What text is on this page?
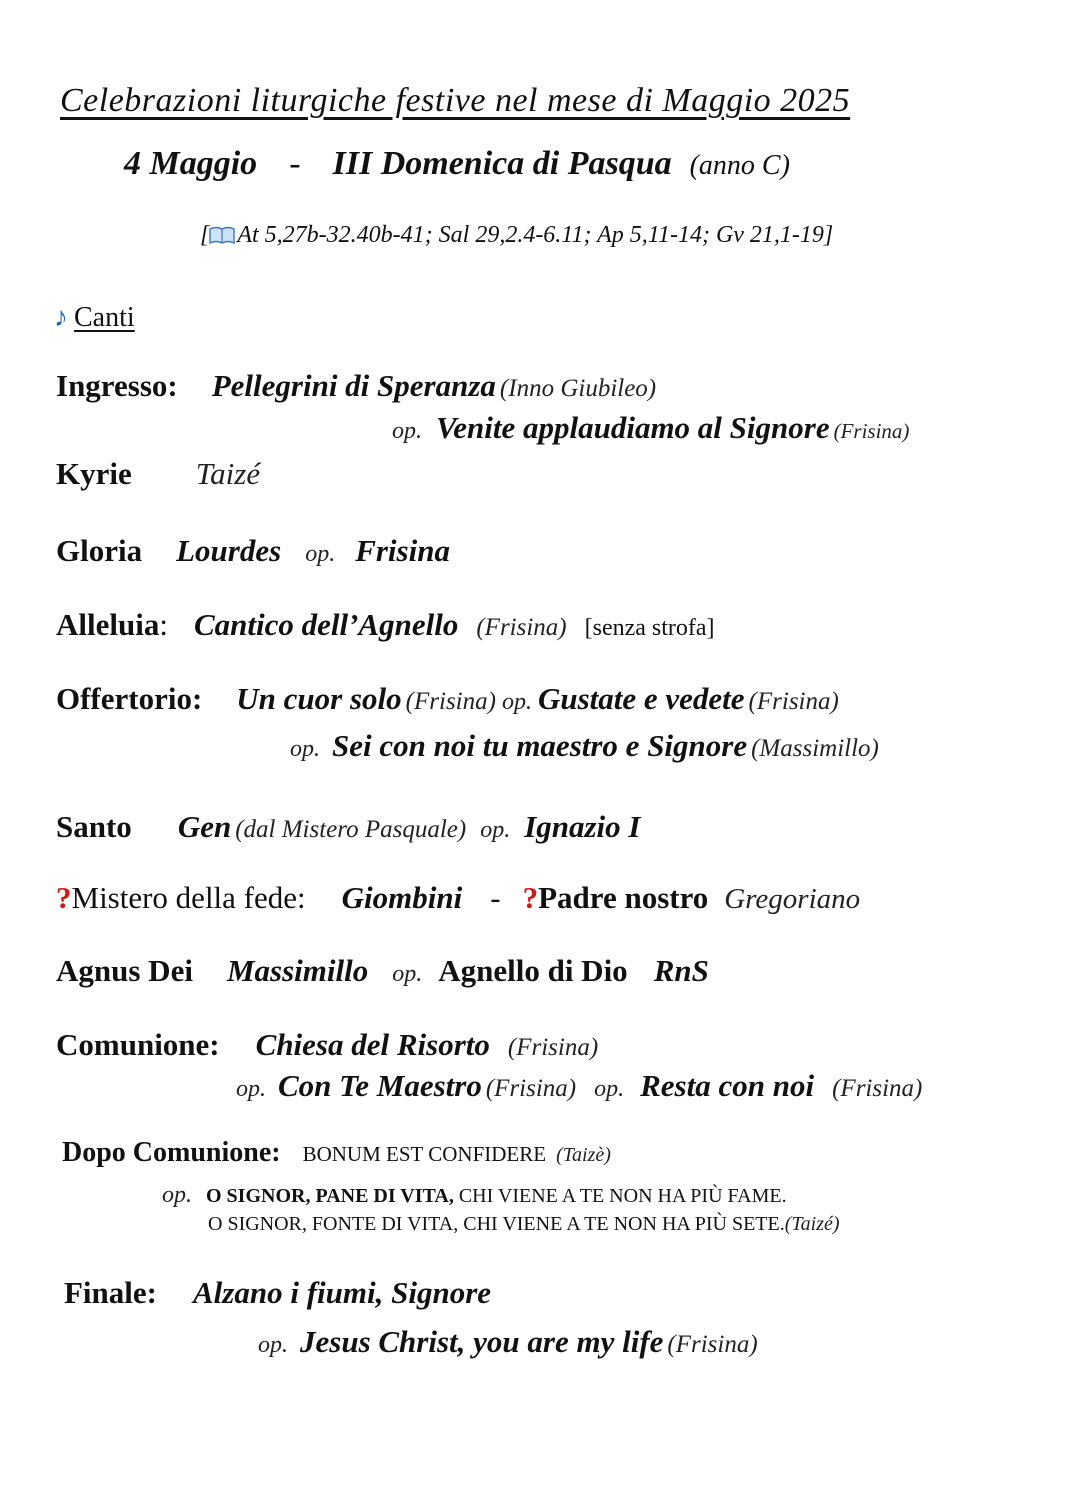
Celebrazioni liturgiche festive nel mese di Maggio 2025
4 Maggio - III Domenica di Pasqua (anno C)
[ At 5,27b-32.40b-41; Sal 29,2.4-6.11; Ap 5,11-14; Gv 21,1-19]
♪ Canti
Ingresso: Pellegrini di Speranza (Inno Giubileo)
op. Venite applaudiamo al Signore (Frisina)
Kyrie Taizé
Gloria Lourdes op. Frisina
Alleluia: Cantico dell’Agnello (Frisina) [senza strofa]
Offertorio: Un cuor solo (Frisina) op. Gustate e vedete (Frisina)
op. Sei con noi tu maestro e Signore (Massimillo)
Santo Gen (dal Mistero Pasquale) op. Ignazio I
?Mistero della fede: Giombini - ?Padre nostro Gregoriano
Agnus Dei Massimillo op. Agnello di Dio RnS
Comunione: Chiesa del Risorto (Frisina)
op. Con Te Maestro (Frisina) op. Resta con noi (Frisina)
Dopo Comunione: BONUM EST CONFIDERE (Taizè)
op. O SIGNOR, PANE DI VITA, CHI VIENE A TE NON HA PIÙ FAME.
O SIGNOR, FONTE DI VITA, CHI VIENE A TE NON HA PIÙ SETE.(Taizé)
Finale: Alzano i fiumi, Signore
op. Jesus Christ, you are my life (Frisina)
